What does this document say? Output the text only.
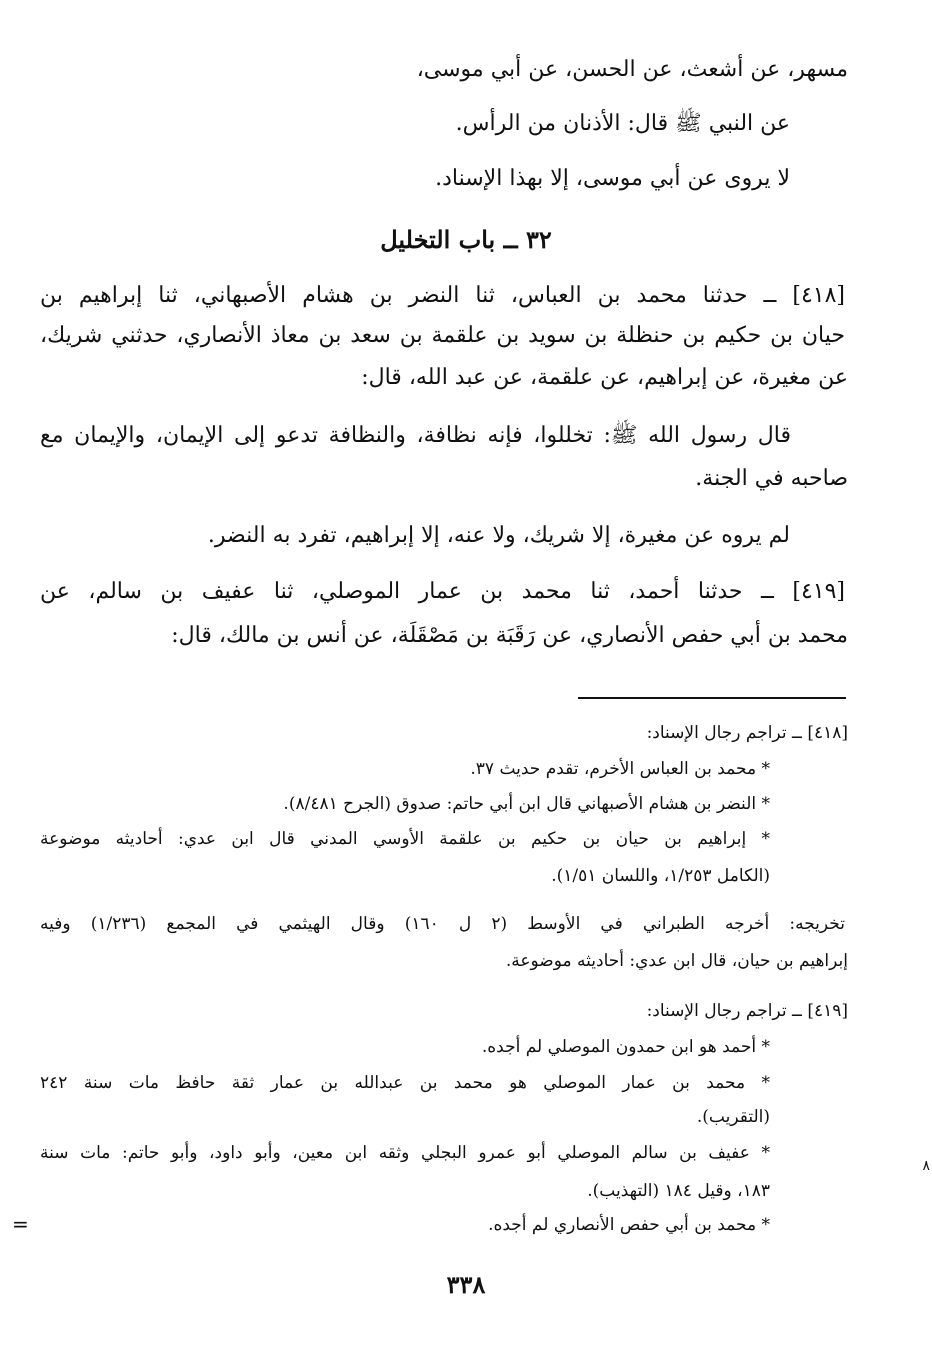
مسهر، عن أشعث، عن الحسن، عن أبي موسى،
عن النبي ﷺ قال: الأذنان من الرأس.
لا يروى عن أبي موسى، إلا بهذا الإسناد.
٣٢ ــ باب التخليل
[٤١٨] ــ حدثنا محمد بن العباس، ثنا النضر بن هشام الأصبهاني، ثنا إبراهيم بن
حيان بن حكيم بن حنظلة بن سويد بن علقمة بن سعد بن معاذ الأنصاري، حدثني شريك،
عن مغيرة، عن إبراهيم، عن علقمة، عن عبد الله، قال:
قال رسول الله ﷺ: تخللوا، فإنه نظافة، والنظافة تدعو إلى الإيمان، والإيمان مع
صاحبه في الجنة.
لم يروه عن مغيرة، إلا شريك، ولا عنه، إلا إبراهيم، تفرد به النضر.
[٤١٩] ــ حدثنا أحمد، ثنا محمد بن عمار الموصلي، ثنا عفيف بن سالم، عن
محمد بن أبي حفص الأنصاري، عن رَقَبَة بن مَصْقَلَة، عن أنس بن مالك، قال:
[٤١٨] ــ تراجم رجال الإسناد:
* محمد بن العباس الأخرم، تقدم حديث ٣٧.
* النضر بن هشام الأصبهاني قال ابن أبي حاتم: صدوق (الجرح ٨/٤٨١).
* إبراهيم بن حيان بن حكيم بن علقمة الأوسي المدني قال ابن عدي: أحاديثه موضوعة
(الكامل ١/٢٥٣، واللسان ١/٥١).
تخريجه: أخرجه الطبراني في الأوسط (٢ ل ١٦٠) وقال الهيثمي في المجمع (١/٢٣٦) وفيه
إبراهيم بن حيان، قال ابن عدي: أحاديثه موضوعة.
[٤١٩] ــ تراجم رجال الإسناد:
* أحمد هو ابن حمدون الموصلي لم أجده.
* محمد بن عمار الموصلي هو محمد بن عبدالله بن عمار ثقة حافظ مات سنة ٢٤٢
(التقريب).
* عفيف بن سالم الموصلي أبو عمرو البجلي وثقه ابن معين، وأبو داود، وأبو حاتم: مات سنة
١٨٣، وقيل ١٨٤ (التهذيب).
* محمد بن أبي حفص الأنصاري لم أجده.
٣٣٨
=
٨
